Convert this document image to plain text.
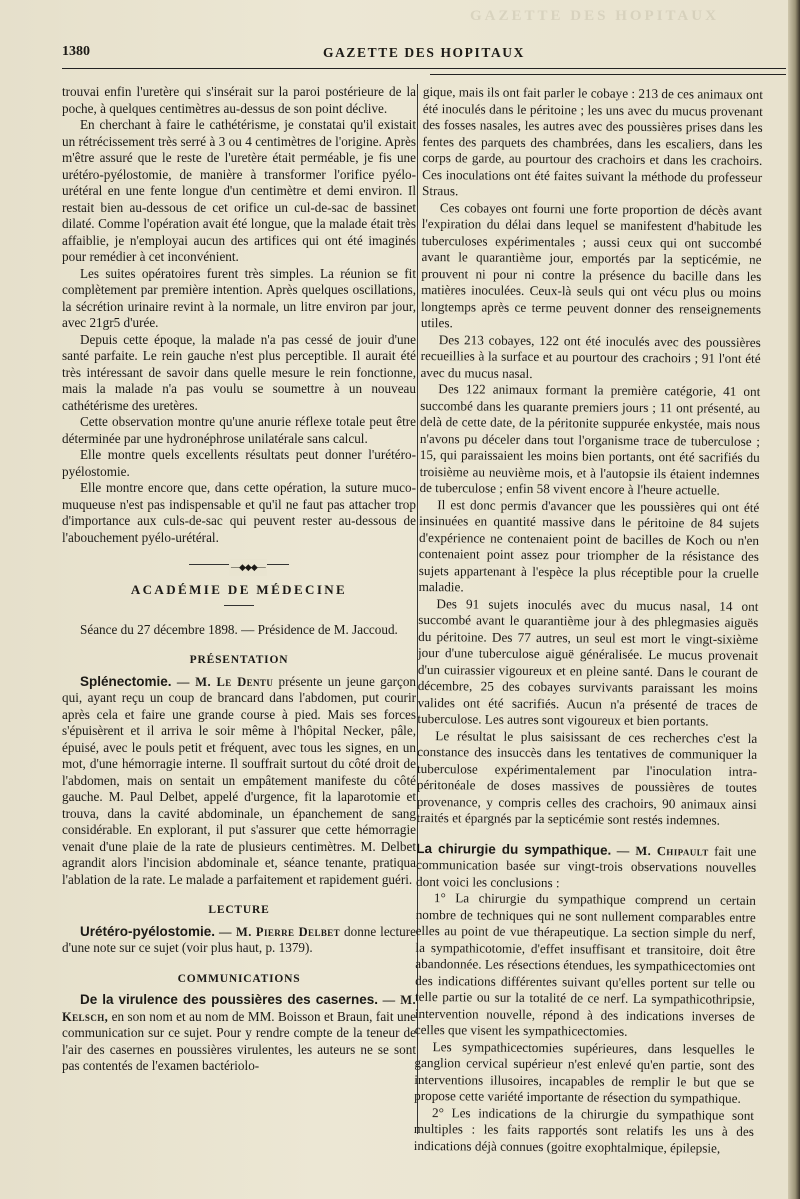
GAZETTE DES HOPITAUX
1380	GAZETTE DES HOPITAUX

trouvai enfin l'uretère qui s'insérait sur la paroi postérieure de la poche, à quelques centimètres au-dessus de son point déclive.

En cherchant à faire le cathétérisme, je constatai qu'il existait un rétrécissement très serré à 3 ou 4 centimètres de l'origine. Après m'être assuré que le reste de l'uretère était perméable, je fis une urétéro-pyélostomie, de manière à transformer l'orifice pyélo-urétéral en une fente longue d'un centimètre et demi environ. Il restait bien au-dessous de cet orifice un cul-de-sac de bassinet dilaté. Comme l'opération avait été longue, que la malade était très affaiblie, je n'employai aucun des artifices qui ont été imaginés pour remédier à cet inconvénient.

Les suites opératoires furent très simples. La réunion se fit complètement par première intention. Après quelques oscillations, la sécrétion urinaire revint à la normale, un litre environ par jour, avec 21gr5 d'urée.

Depuis cette époque, la malade n'a pas cessé de jouir d'une santé parfaite. Le rein gauche n'est plus perceptible. Il aurait été très intéressant de savoir dans quelle mesure le rein fonctionne, mais la malade n'a pas voulu se soumettre à un nouveau cathétérisme des uretères.

Cette observation montre qu'une anurie réflexe totale peut être déterminée par une hydronéphrose unilatérale sans calcul.

Elle montre quels excellents résultats peut donner l'urétéro-pyélostomie.

Elle montre encore que, dans cette opération, la suture muco-muqueuse n'est pas indispensable et qu'il ne faut pas attacher trop d'importance aux culs-de-sac qui peuvent rester au-dessous de l'abouchement pyélo-urétéral.

—◆◆◆—
ACADÉMIE DE MÉDECINE

Séance du 27 décembre 1898. — Présidence de M. Jaccoud.

PRÉSENTATION

Splénectomie. — M. Le Dentu présente un jeune garçon qui, ayant reçu un coup de brancard dans l'abdomen, put courir après cela et faire une grande course à pied. Mais ses forces s'épuisèrent et il arriva le soir même à l'hôpital Necker, pâle, épuisé, avec le pouls petit et fréquent, avec tous les signes, en un mot, d'une hémorragie interne. Il souffrait surtout du côté droit de l'abdomen, mais on sentait un empâtement manifeste du côté gauche. M. Paul Delbet, appelé d'urgence, fit la laparotomie et trouva, dans la cavité abdominale, un épanchement de sang considérable. En explorant, il put s'assurer que cette hémorragie venait d'une plaie de la rate de plusieurs centimètres. M. Delbet agrandit alors l'incision abdominale et, séance tenante, pratiqua l'ablation de la rate. Le malade a parfaitement et rapidement guéri.

LECTURE

Urétéro-pyélostomie. — M. Pierre Delbet donne lecture d'une note sur ce sujet (voir plus haut, p. 1379).

COMMUNICATIONS

De la virulence des poussières des casernes. — M. Kelsch, en son nom et au nom de MM. Boisson et Braun, fait une communication sur ce sujet. Pour y rendre compte de la teneur de l'air des casernes en poussières virulentes, les auteurs ne se sont pas contentés de l'examen bactériolo-

gique, mais ils ont fait parler le cobaye : 213 de ces animaux ont été inoculés dans le péritoine ; les uns avec du mucus provenant des fosses nasales, les autres avec des poussières prises dans les fentes des parquets des chambrées, dans les escaliers, dans les corps de garde, au pourtour des crachoirs et dans les crachoirs. Ces inoculations ont été faites suivant la méthode du professeur Straus.

Ces cobayes ont fourni une forte proportion de décès avant l'expiration du délai dans lequel se manifestent d'habitude les tuberculoses expérimentales ; aussi ceux qui ont succombé avant le quarantième jour, emportés par la septicémie, ne prouvent ni pour ni contre la présence du bacille dans les matières inoculées. Ceux-là seuls qui ont vécu plus ou moins longtemps après ce terme peuvent donner des renseignements utiles.

Des 213 cobayes, 122 ont été inoculés avec des poussières recueillies à la surface et au pourtour des crachoirs ; 91 l'ont été avec du mucus nasal.

Des 122 animaux formant la première catégorie, 41 ont succombé dans les quarante premiers jours ; 11 ont présenté, au delà de cette date, de la péritonite suppurée enkystée, mais nous n'avons pu déceler dans tout l'organisme trace de tuberculose ; 15, qui paraissaient les moins bien portants, ont été sacrifiés du troisième au neuvième mois, et à l'autopsie ils étaient indemnes de tuberculose ; enfin 58 vivent encore à l'heure actuelle.

Il est donc permis d'avancer que les poussières qui ont été insinuées en quantité massive dans le péritoine de 84 sujets d'expérience ne contenaient point de bacilles de Koch ou n'en contenaient point assez pour triompher de la résistance des sujets appartenant à l'espèce la plus réceptible pour la cruelle maladie.

Des 91 sujets inoculés avec du mucus nasal, 14 ont succombé avant le quarantième jour à des phlegmasies aiguës du péritoine. Des 77 autres, un seul est mort le vingt-sixième jour d'une tuberculose aiguë généralisée. Le mucus provenait d'un cuirassier vigoureux et en pleine santé. Dans le courant de décembre, 25 des cobayes survivants paraissant les moins valides ont été sacrifiés. Aucun n'a présenté de traces de tuberculose. Les autres sont vigoureux et bien portants.

Le résultat le plus saisissant de ces recherches c'est la constance des insuccès dans les tentatives de communiquer la tuberculose expérimentalement par l'inoculation intra-péritonéale de doses massives de poussières de toutes provenance, y compris celles des crachoirs, 90 animaux ainsi traités et épargnés par la septicémie sont restés indemnes.

La chirurgie du sympathique. — M. Chipault fait une communication basée sur vingt-trois observations nouvelles dont voici les conclusions :

1° La chirurgie du sympathique comprend un certain nombre de techniques qui ne sont nullement comparables entre elles au point de vue thérapeutique. La section simple du nerf, la sympathicotomie, d'effet insuffisant et transitoire, doit être abandonnée. Les résections étendues, les sympathicectomies ont des indications différentes suivant qu'elles portent sur telle ou telle partie ou sur la totalité de ce nerf. La sympathicothripsie, intervention nouvelle, répond à des indications inverses de celles que visent les sympathicectomies.

Les sympathicectomies supérieures, dans lesquelles le ganglion cervical supérieur n'est enlevé qu'en partie, sont des interventions illusoires, incapables de remplir le but que se propose cette variété importante de résection du sympathique.

2° Les indications de la chirurgie du sympathique sont multiples : les faits rapportés sont relatifs les uns à des indications déjà connues (goitre exophtalmique, épilepsie,
